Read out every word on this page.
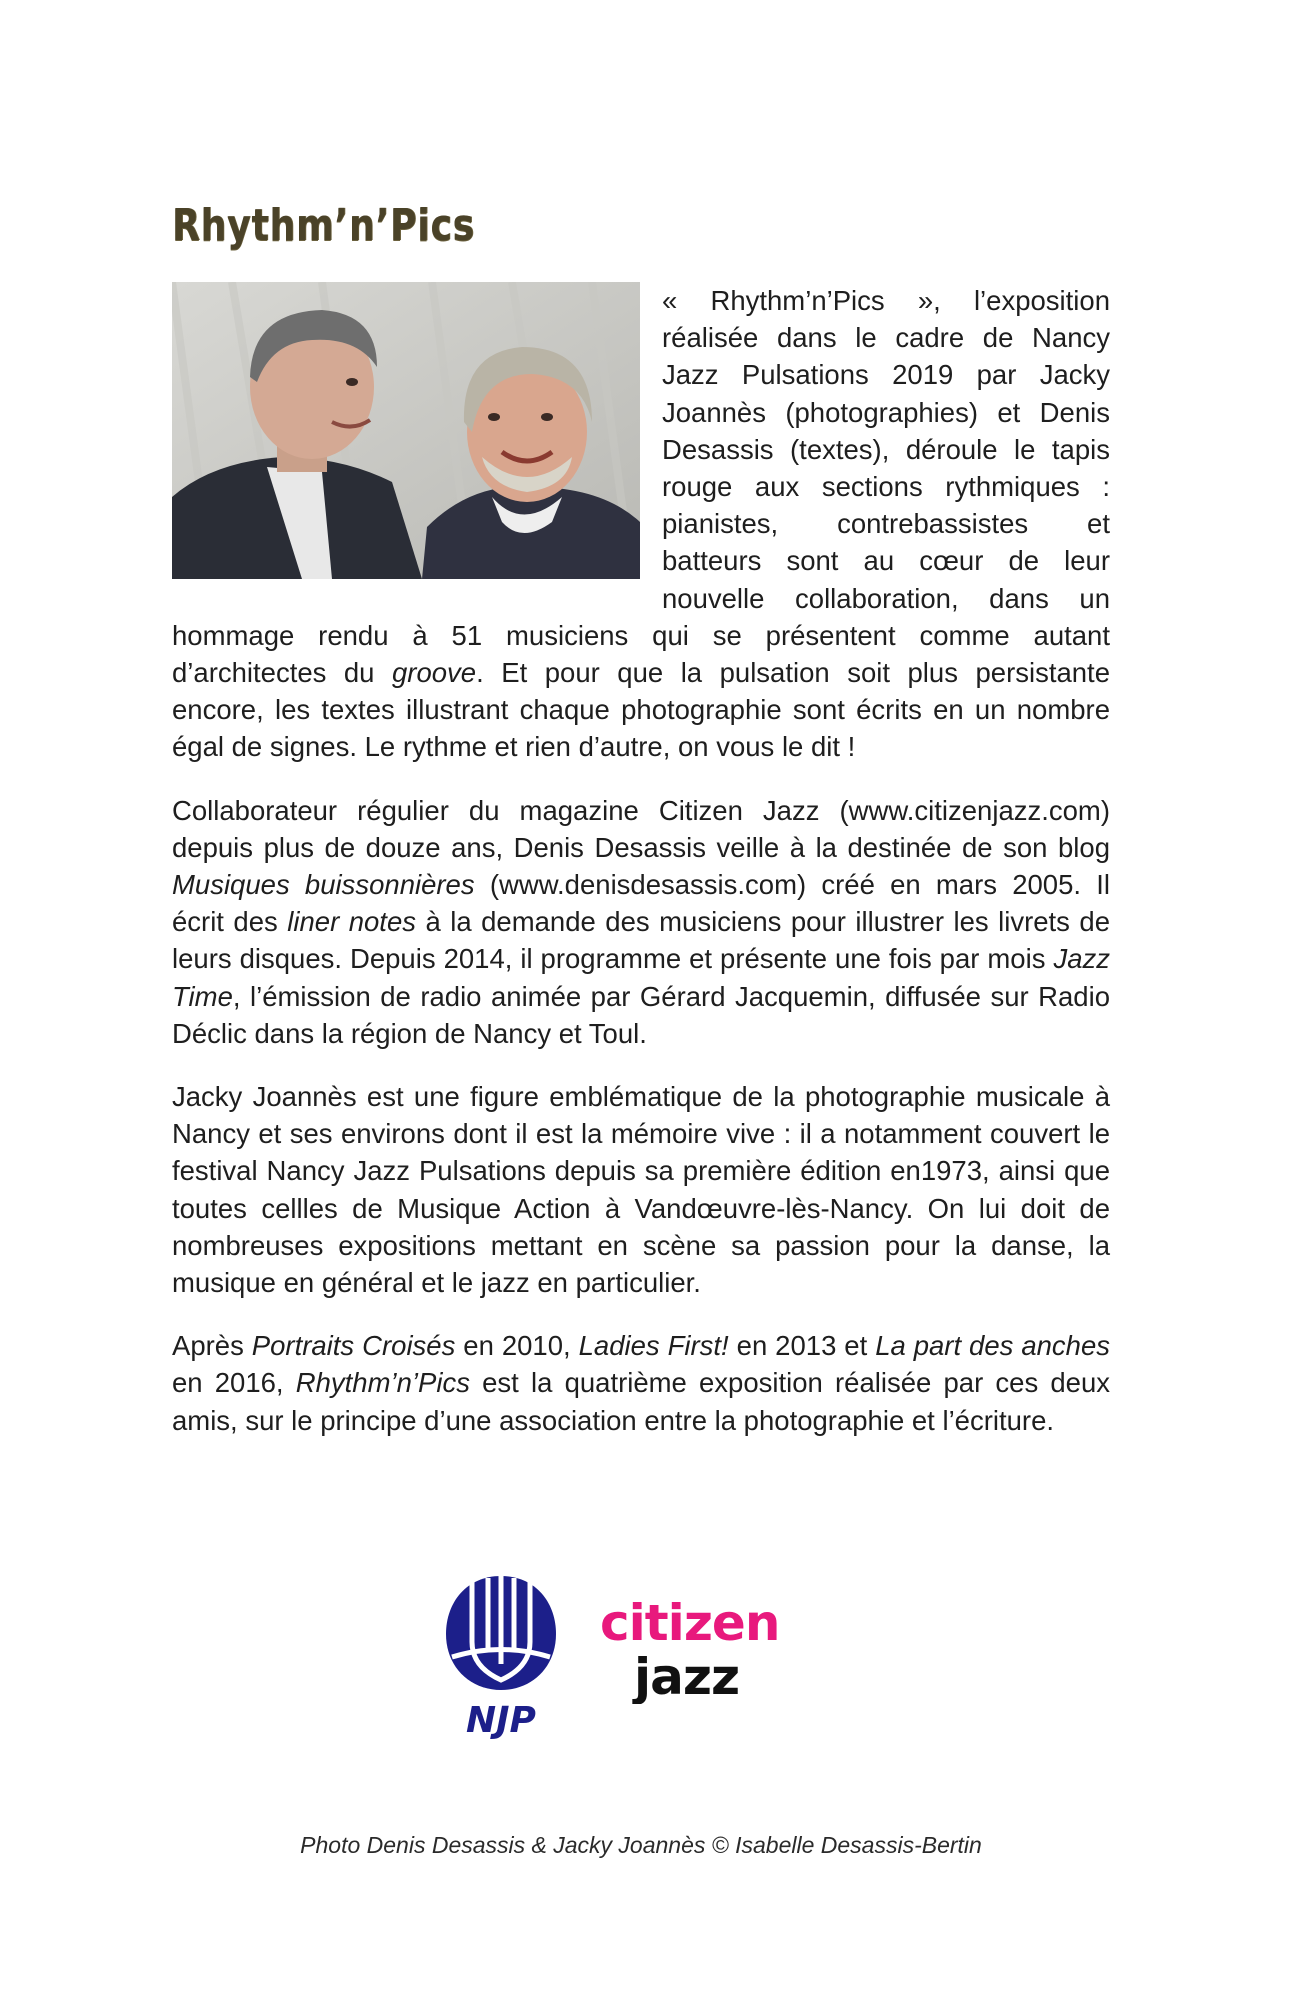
Rhythm’n’Pics

« Rhythm’n’Pics », l’exposition réalisée dans le cadre de Nancy Jazz Pulsations 2019 par Jacky Joannès (photographies) et Denis Desassis (textes), déroule le tapis rouge aux sections rythmiques : pianistes, contrebassistes et batteurs sont au cœur de leur nouvelle collaboration, dans un hommage rendu à 51 musiciens qui se présentent comme autant d’architectes du groove. Et pour que la pulsation soit plus persistante encore, les textes illustrant chaque photographie sont écrits en un nombre égal de signes. Le rythme et rien d’autre, on vous le dit !

Collaborateur régulier du magazine Citizen Jazz (www.citizenjazz.com) depuis plus de douze ans, Denis Desassis veille à la destinée de son blog Musiques buissonnières (www.denisdesassis.com) créé en mars 2005. Il écrit des liner notes à la demande des musiciens pour illustrer les livrets de leurs disques. Depuis 2014, il programme et présente une fois par mois Jazz Time, l’émission de radio animée par Gérard Jacquemin, diffusée sur Radio Déclic dans la région de Nancy et Toul.

Jacky Joannès est une figure emblématique de la photographie musicale à Nancy et ses environs dont il est la mémoire vive : il a notamment couvert le festival Nancy Jazz Pulsations depuis sa première édition en1973, ainsi que toutes cellles de Musique Action à Vandœuvre-lès-Nancy. On lui doit de nombreuses expositions mettant en scène sa passion pour la danse, la musique en général et le jazz en particulier.

Après Portraits Croisés en 2010, Ladies First! en 2013 et La part des anches en 2016, Rhythm’n’Pics est la quatrième exposition réalisée par ces deux amis, sur le principe d’une association entre la photographie et l’écriture.

NJP
citizen
jazz
Photo Denis Desassis & Jacky Joannès © Isabelle Desassis-Bertin
